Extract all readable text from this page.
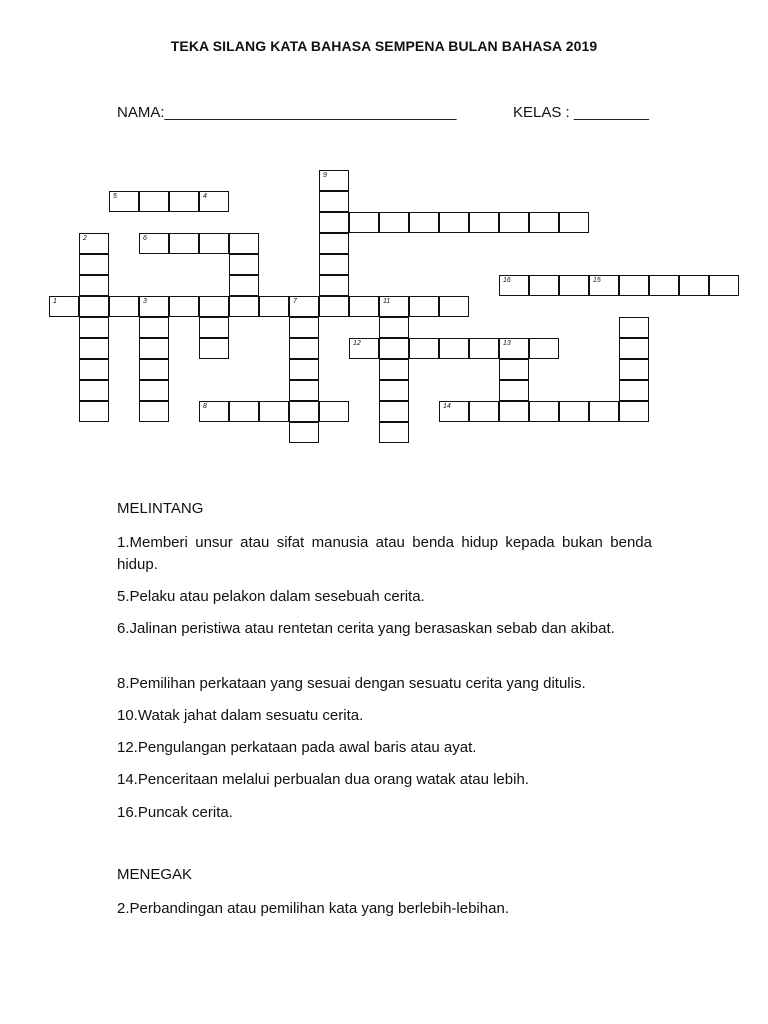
TEKA SILANG KATA BAHASA SEMPENA BULAN BAHASA 2019
NAMA:___________________________________	KELAS : _________
9
5	4
2	6
16	15
1	3	7	11
12	13
8	14
MELINTANG
1.Memberi unsur atau sifat manusia atau benda hidup kepada bukan benda hidup.
5.Pelaku atau pelakon dalam sesebuah cerita.
6.Jalinan peristiwa atau rentetan cerita yang berasaskan sebab dan akibat.
8.Pemilihan perkataan yang sesuai dengan sesuatu cerita yang ditulis.
10.Watak jahat dalam sesuatu cerita.
12.Pengulangan perkataan pada awal baris atau ayat.
14.Penceritaan melalui perbualan dua orang watak atau lebih.
16.Puncak cerita.
MENEGAK
2.Perbandingan atau pemilihan kata yang berlebih-lebihan.
